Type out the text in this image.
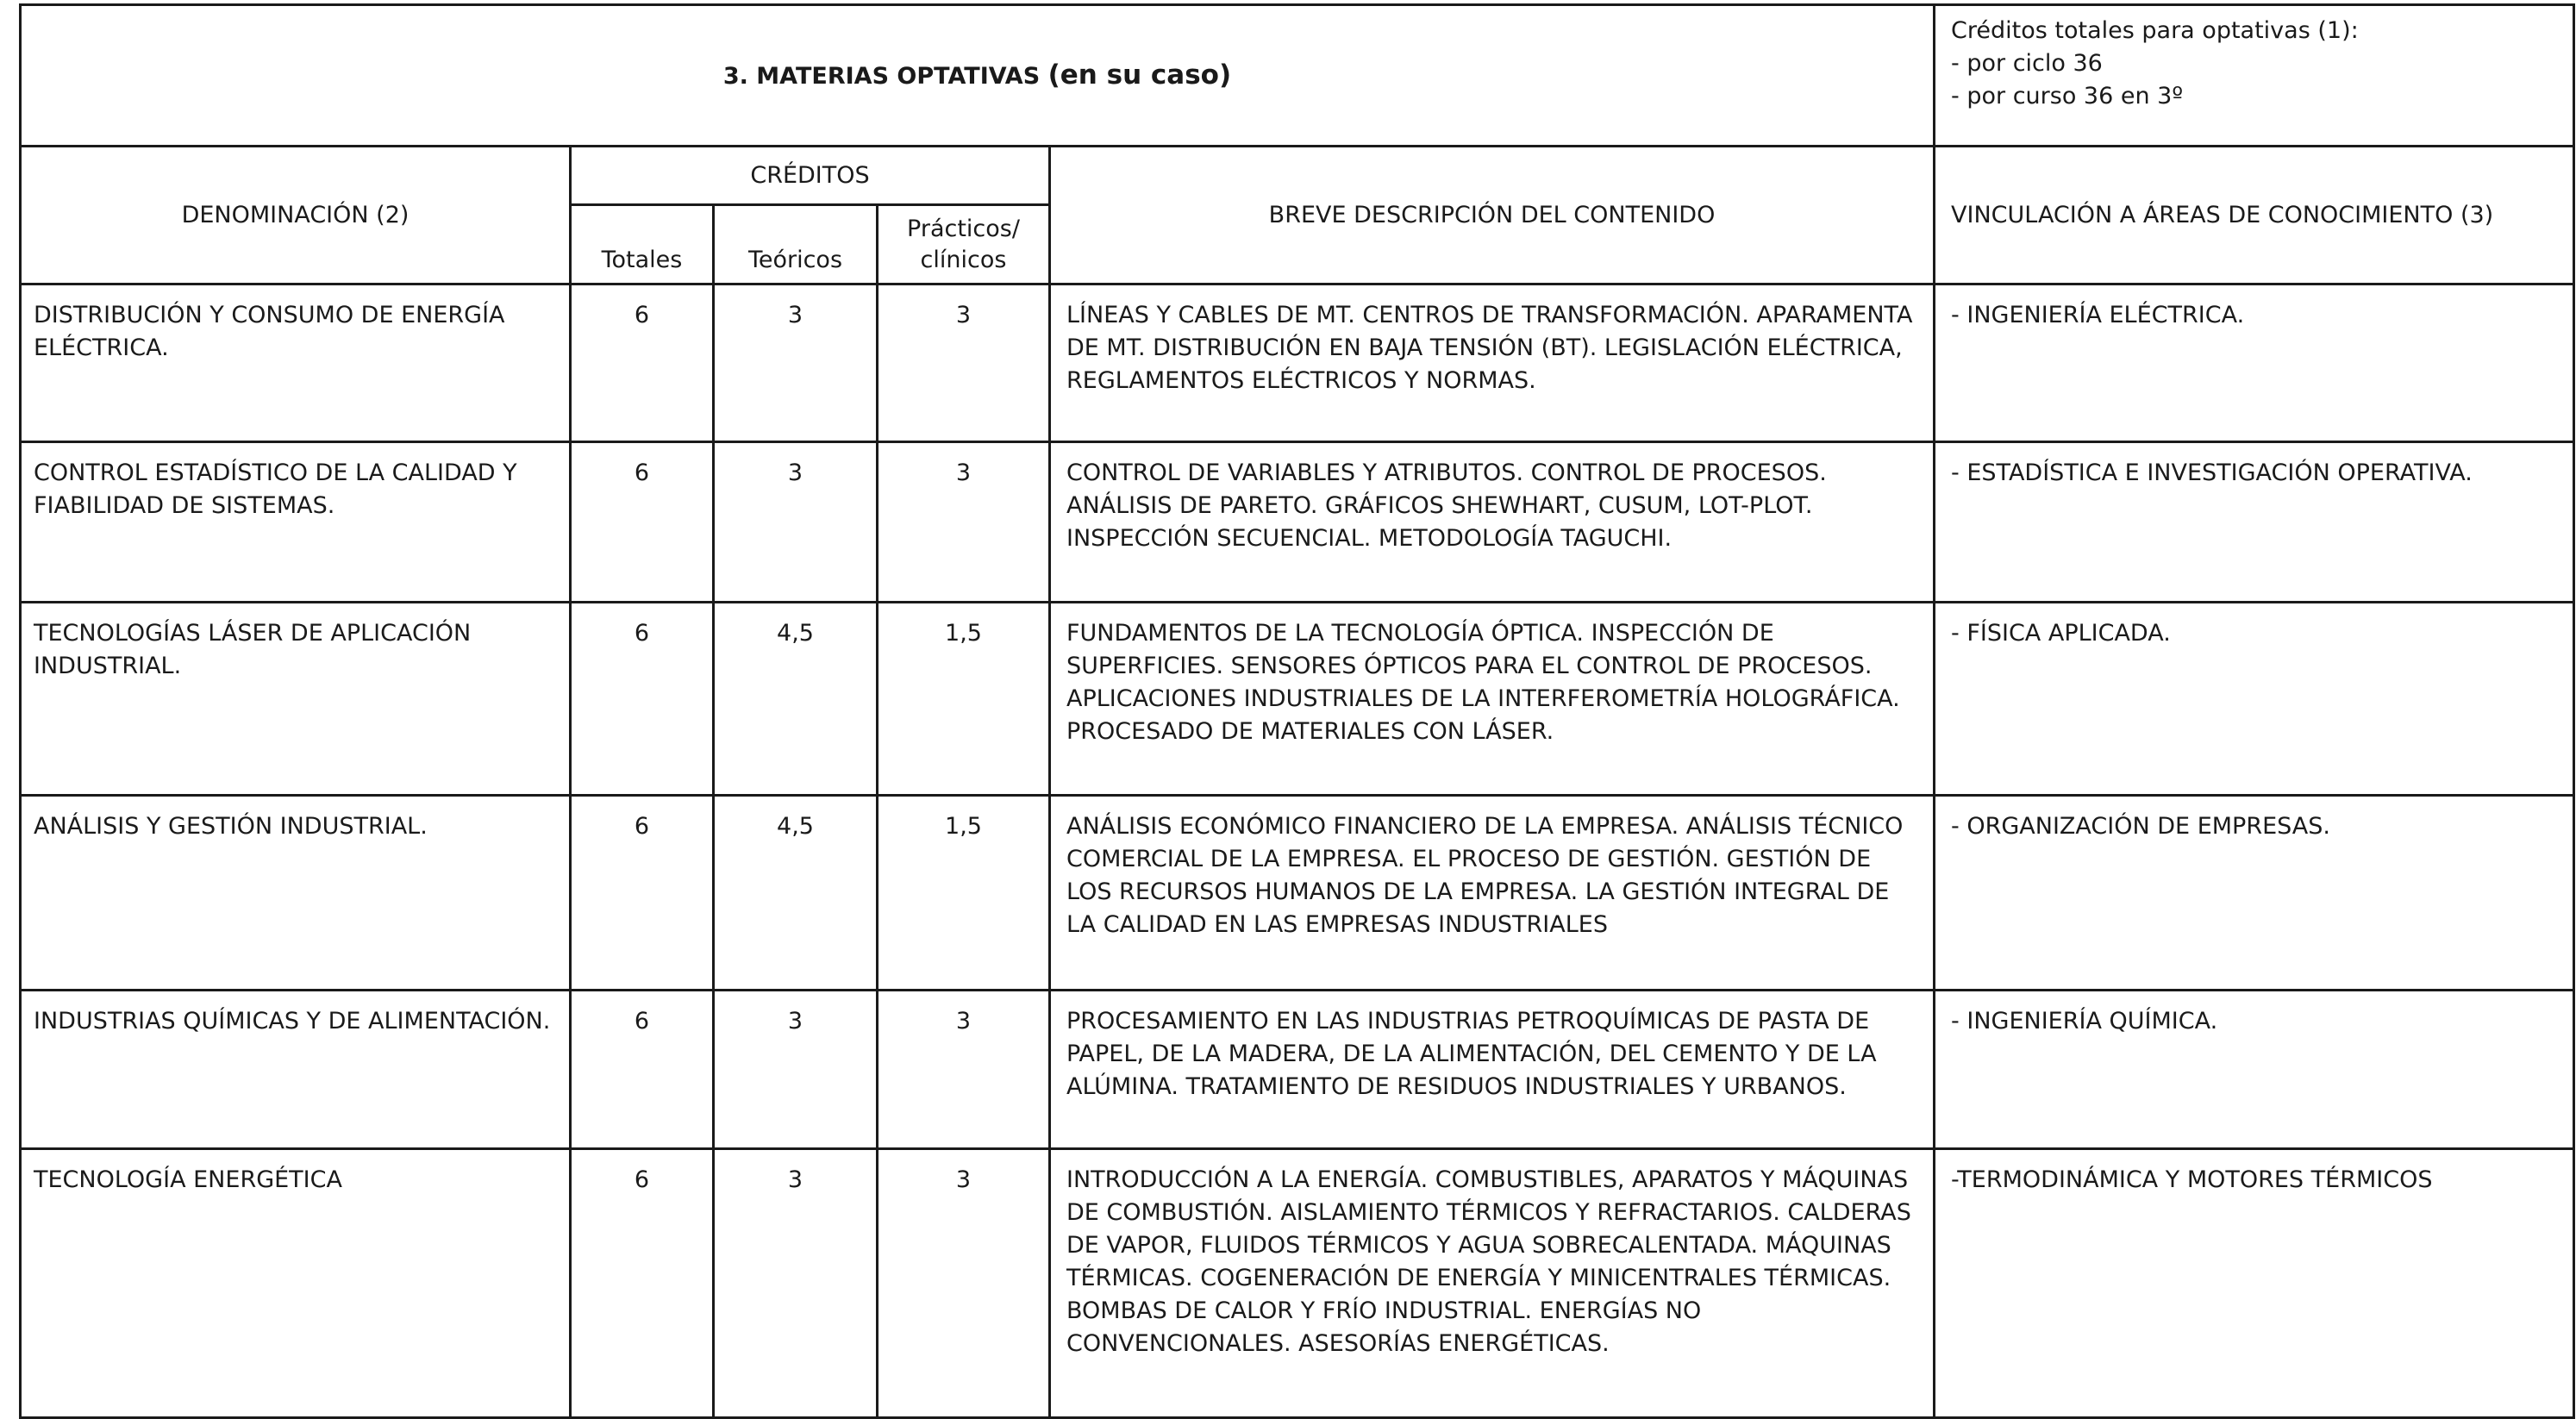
3. MATERIAS OPTATIVAS (en su caso)					Créditos totales para optativas (1):
- por ciclo 36
- por curso 36 en 3º

DENOMINACIÓN (2)	CRÉDITOS			BREVE DESCRIPCIÓN DEL CONTENIDO	VINCULACIÓN A ÁREAS DE CONOCIMIENTO (3)
	Totales	Teóricos	Prácticos/ clínicos		
DISTRIBUCIÓN Y CONSUMO DE ENERGÍA ELÉCTRICA.	6	3	3	LÍNEAS Y CABLES DE MT. CENTROS DE TRANSFORMACIÓN. APARAMENTA DE MT. DISTRIBUCIÓN EN BAJA TENSIÓN (BT). LEGISLACIÓN ELÉCTRICA, REGLAMENTOS ELÉCTRICOS Y NORMAS.	- INGENIERÍA ELÉCTRICA.
CONTROL ESTADÍSTICO DE LA CALIDAD Y FIABILIDAD DE SISTEMAS.	6	3	3	CONTROL DE VARIABLES Y ATRIBUTOS. CONTROL DE PROCESOS. ANÁLISIS DE PARETO. GRÁFICOS SHEWHART, CUSUM, LOT-PLOT. INSPECCIÓN SECUENCIAL. METODOLOGÍA TAGUCHI.	- ESTADÍSTICA E INVESTIGACIÓN OPERATIVA.
TECNOLOGÍAS LÁSER DE APLICACIÓN INDUSTRIAL.	6	4,5	1,5	FUNDAMENTOS DE LA TECNOLOGÍA ÓPTICA. INSPECCIÓN DE SUPERFICIES. SENSORES ÓPTICOS PARA EL CONTROL DE PROCESOS. APLICACIONES INDUSTRIALES DE LA INTERFEROMETRÍA HOLOGRÁFICA. PROCESADO DE MATERIALES CON LÁSER.	- FÍSICA APLICADA.
ANÁLISIS Y GESTIÓN INDUSTRIAL.	6	4,5	1,5	ANÁLISIS ECONÓMICO FINANCIERO DE LA EMPRESA. ANÁLISIS TÉCNICO COMERCIAL DE LA EMPRESA. EL PROCESO DE GESTIÓN. GESTIÓN DE LOS RECURSOS HUMANOS DE LA EMPRESA. LA GESTIÓN INTEGRAL DE LA CALIDAD EN LAS EMPRESAS INDUSTRIALES	- ORGANIZACIÓN DE EMPRESAS.
INDUSTRIAS QUÍMICAS Y DE ALIMENTACIÓN.	6	3	3	PROCESAMIENTO EN LAS INDUSTRIAS PETROQUÍMICAS DE PASTA DE PAPEL, DE LA MADERA, DE LA ALIMENTACIÓN, DEL CEMENTO Y DE LA ALÚMINA. TRATAMIENTO DE RESIDUOS INDUSTRIALES Y URBANOS.	- INGENIERÍA QUÍMICA.
TECNOLOGÍA ENERGÉTICA	6	3	3	INTRODUCCIÓN A LA ENERGÍA. COMBUSTIBLES, APARATOS Y MÁQUINAS DE COMBUSTIÓN. AISLAMIENTO TÉRMICOS Y REFRACTARIOS. CALDERAS DE VAPOR, FLUIDOS TÉRMICOS Y AGUA SOBRECALENTADA. MÁQUINAS TÉRMICAS. COGENERACIÓN DE ENERGÍA Y MINICENTRALES TÉRMICAS. BOMBAS DE CALOR Y FRÍO INDUSTRIAL. ENERGÍAS NO CONVENCIONALES. ASESORÍAS ENERGÉTICAS.	-TERMODINÁMICA Y MOTORES TÉRMICOS
